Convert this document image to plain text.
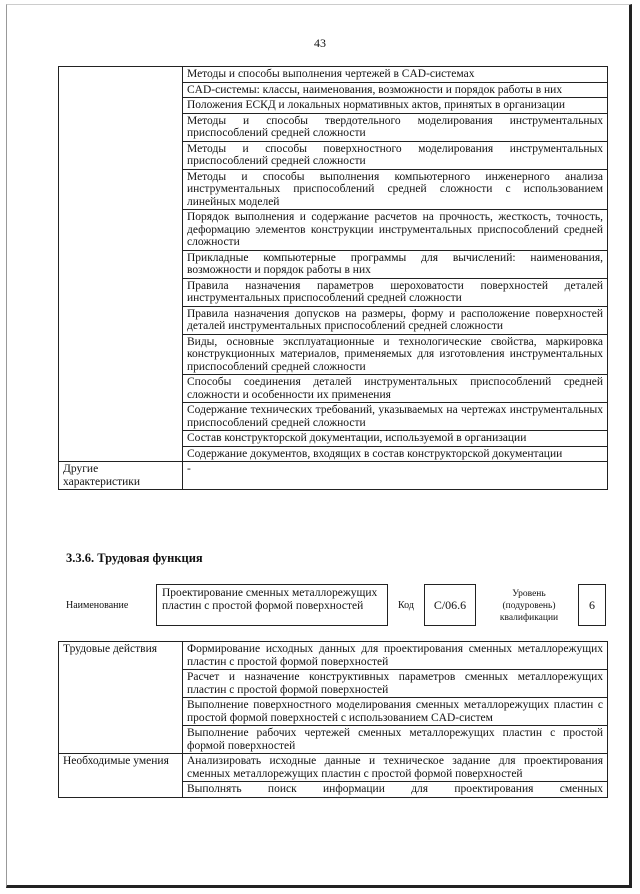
43
	Методы и способы выполнения чертежей в CAD-системах
	CAD-системы: классы, наименования, возможности и порядок работы в них
	Положения ЕСКД и локальных нормативных актов, принятых в организации
	Методы и способы твердотельного моделирования инструментальных приспособлений средней сложности
	Методы и способы поверхностного моделирования инструментальных приспособлений средней сложности
	Методы и способы выполнения компьютерного инженерного анализа инструментальных приспособлений средней сложности с использованием линейных моделей
	Порядок выполнения и содержание расчетов на прочность, жесткость, точность, деформацию элементов конструкции инструментальных приспособлений средней сложности
	Прикладные компьютерные программы для вычислений: наименования, возможности и порядок работы в них
	Правила назначения параметров шероховатости поверхностей деталей инструментальных приспособлений средней сложности
	Правила назначения допусков на размеры, форму и расположение поверхностей деталей инструментальных приспособлений средней сложности
	Виды, основные эксплуатационные и технологические свойства, маркировка конструкционных материалов, применяемых для изготовления инструментальных приспособлений средней сложности
	Способы соединения деталей инструментальных приспособлений средней сложности и особенности их применения
	Содержание технических требований, указываемых на чертежах инструментальных приспособлений средней сложности
	Состав конструкторской документации, используемой в организации
	Содержание документов, входящих в состав конструкторской документации
Другие характеристики	-
3.3.6. Трудовая функция
Наименование
Проектирование сменных металлорежущих пластин с простой формой поверхностей	Код	C/06.6
Уровень (подуровень) квалификации
6
Трудовые действия	Формирование исходных данных для проектирования сменных металлорежущих пластин с простой формой поверхностей
	Расчет и назначение конструктивных параметров сменных металлорежущих пластин с простой формой поверхностей
	Выполнение поверхностного моделирования сменных металлорежущих пластин с простой формой поверхностей с использованием CAD-систем
	Выполнение рабочих чертежей сменных металлорежущих пластин с простой формой поверхностей
Необходимые умения	Анализировать исходные данные и техническое задание для проектирования сменных металлорежущих пластин с простой формой поверхностей
	Выполнять поиск информации для проектирования сменных
